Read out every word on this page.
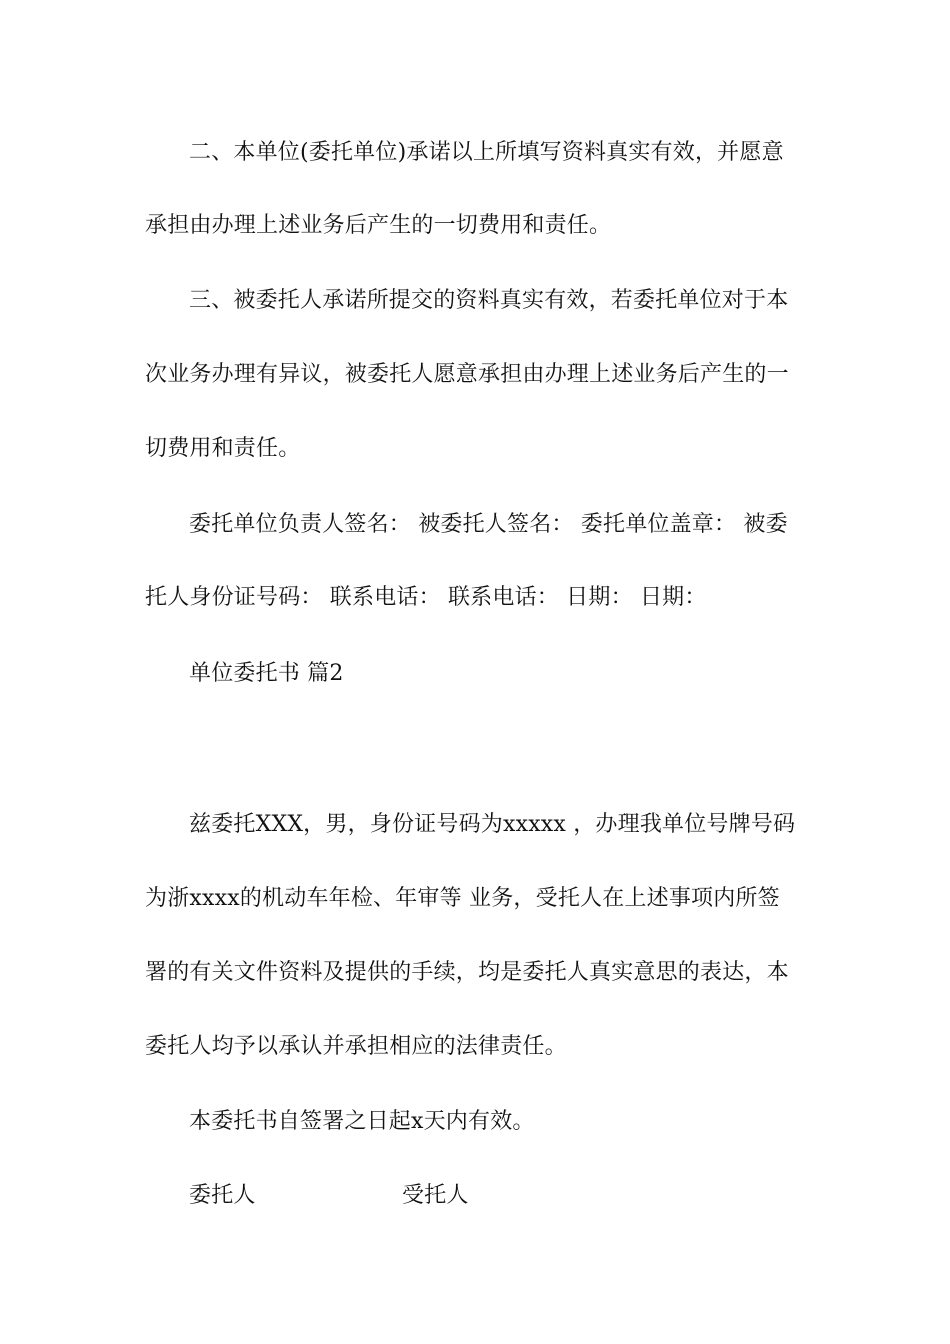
二、本单位(委托单位)承诺以上所填写资料真实有效，并愿意
承担由办理上述业务后产生的一切费用和责任。
三、被委托人承诺所提交的资料真实有效，若委托单位对于本
次业务办理有异议，被委托人愿意承担由办理上述业务后产生的一
切费用和责任。
委托单位负责人签名： 被委托人签名： 委托单位盖章： 被委
托人身份证号码： 联系电话： 联系电话： 日期： 日期：
单位委托书 篇2
兹委托XXX，男，身份证号码为xxxxx ，办理我单位号牌号码
为浙xxxx的机动车年检、年审等 业务，受托人在上述事项内所签
署的有关文件资料及提供的手续，均是委托人真实意思的表达，本
委托人均予以承认并承担相应的法律责任。
本委托书自签署之日起x天内有效。
委托人	受托人
